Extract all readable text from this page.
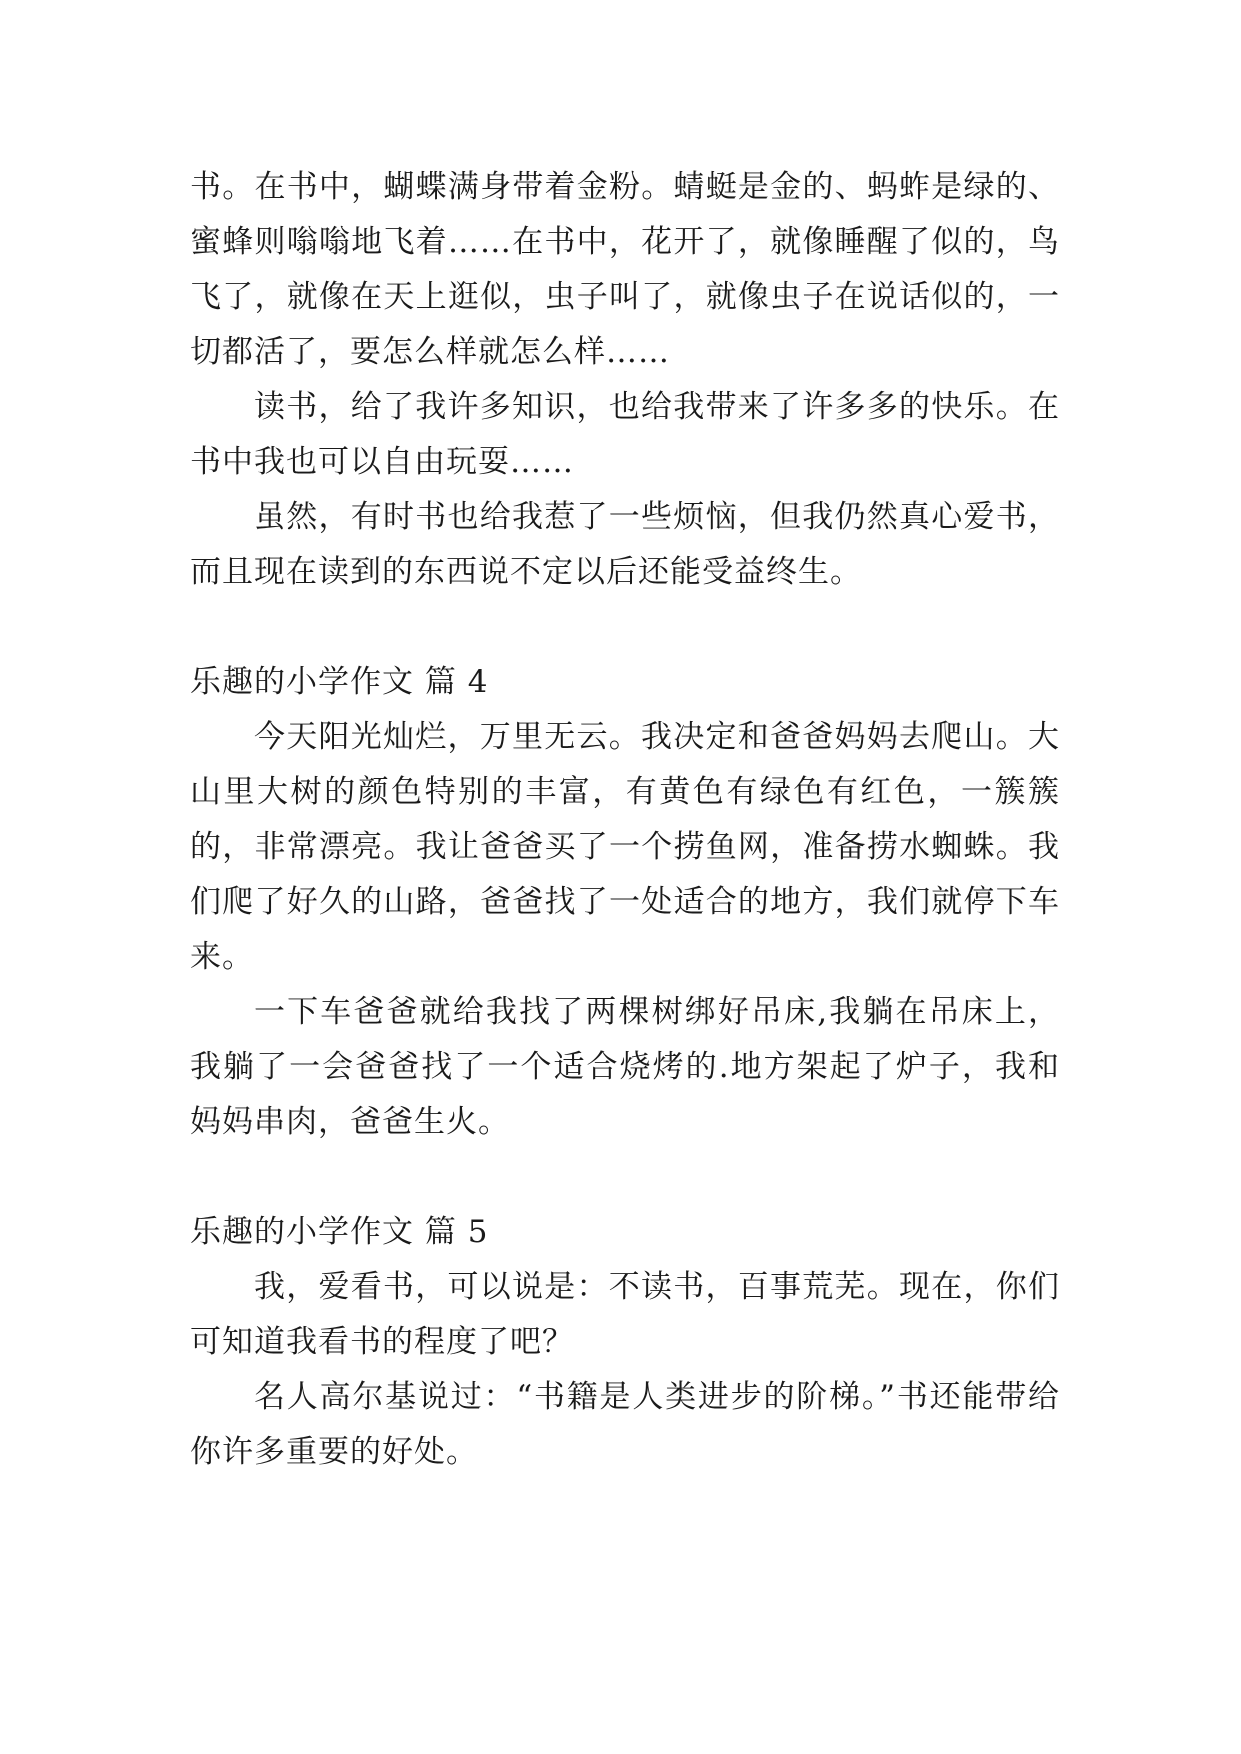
书。在书中，蝴蝶满身带着金粉。蜻蜓是金的、蚂蚱是绿的、蜜蜂则嗡嗡地飞着……在书中，花开了，就像睡醒了似的，鸟飞了，就像在天上逛似，虫子叫了，就像虫子在说话似的，一切都活了，要怎么样就怎么样……

读书，给了我许多知识，也给我带来了许多多的快乐。在书中我也可以自由玩耍……

虽然，有时书也给我惹了一些烦恼，但我仍然真心爱书，而且现在读到的东西说不定以后还能受益终生。

乐趣的小学作文 篇 4

今天阳光灿烂，万里无云。我决定和爸爸妈妈去爬山。大山里大树的颜色特别的丰富，有黄色有绿色有红色，一簇簇的，非常漂亮。我让爸爸买了一个捞鱼网，准备捞水蜘蛛。我们爬了好久的山路，爸爸找了一处适合的地方，我们就停下车来。

一下车爸爸就给我找了两棵树绑好吊床,我躺在吊床上，我躺了一会爸爸找了一个适合烧烤的.地方架起了炉子，我和妈妈串肉，爸爸生火。

乐趣的小学作文 篇 5

我，爱看书，可以说是：不读书，百事荒芜。现在，你们可知道我看书的程度了吧？

名人高尔基说过：“书籍是人类进步的阶梯。”书还能带给你许多重要的好处。
